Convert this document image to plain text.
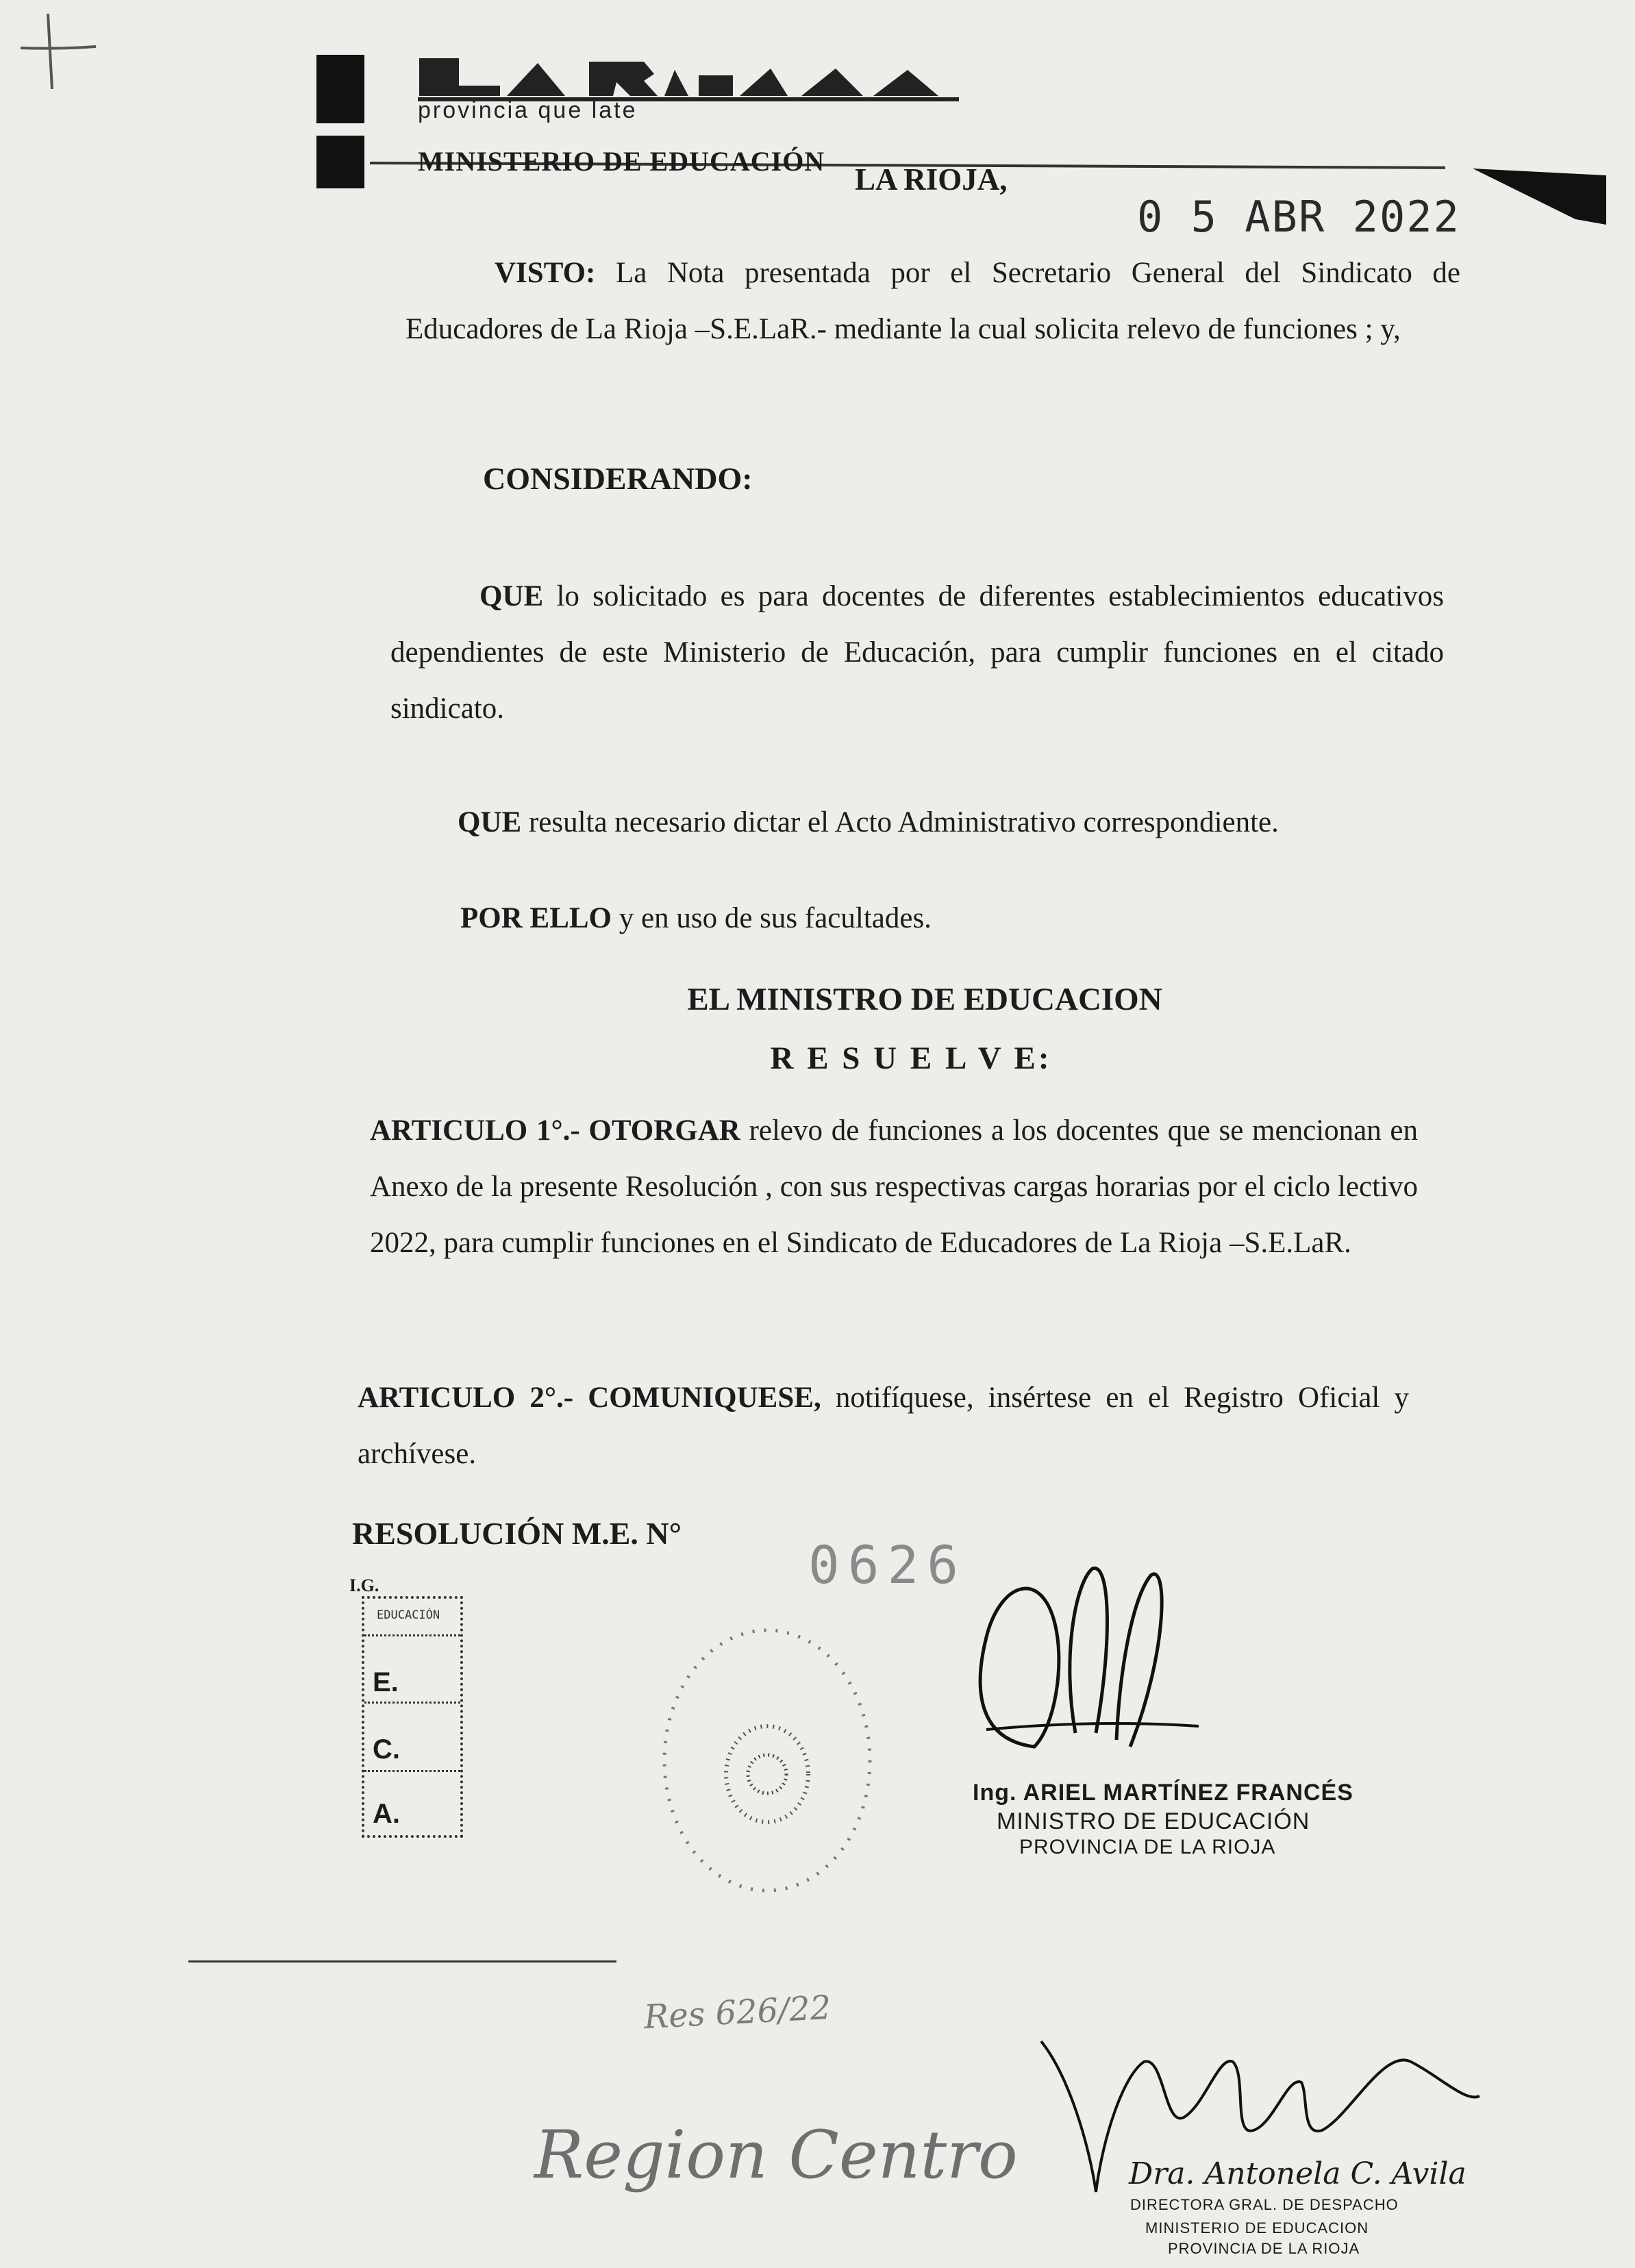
provincia que late
MINISTERIO DE EDUCACIÓN
LA RIOJA,
0 5 ABR 2022
VISTO: La Nota presentada por el Secretario General del Sindicato de Educadores de La Rioja –S.E.LaR.- mediante la cual solicita relevo de funciones ; y,
CONSIDERANDO:
QUE lo solicitado es para docentes de diferentes establecimientos educativos dependientes de este Ministerio de Educación, para cumplir funciones en el citado sindicato.
QUE resulta necesario dictar el Acto Administrativo correspondiente.
POR ELLO y en uso de sus facultades.
EL MINISTRO DE EDUCACION
R E S U E L V E:
ARTICULO 1°.- OTORGAR relevo de funciones a los docentes que se mencionan en Anexo de la presente Resolución , con sus respectivas cargas horarias por el ciclo lectivo 2022, para cumplir funciones en el Sindicato de Educadores de La Rioja –S.E.LaR.
ARTICULO 2°.- COMUNIQUESE, notifíquese, insértese en el Registro Oficial y archívese.
RESOLUCIÓN M.E. N°
0626
I.G.
EDUCACIÓN
E.
C.
A.
Ing. ARIEL MARTÍNEZ FRANCÉS
MINISTRO DE EDUCACIÓN
PROVINCIA DE LA RIOJA
Res 626/22
Region Centro	Dra. Antonela C. Avila
DIRECTORA GRAL. DE DESPACHO
MINISTERIO DE EDUCACION
PROVINCIA DE LA RIOJA
